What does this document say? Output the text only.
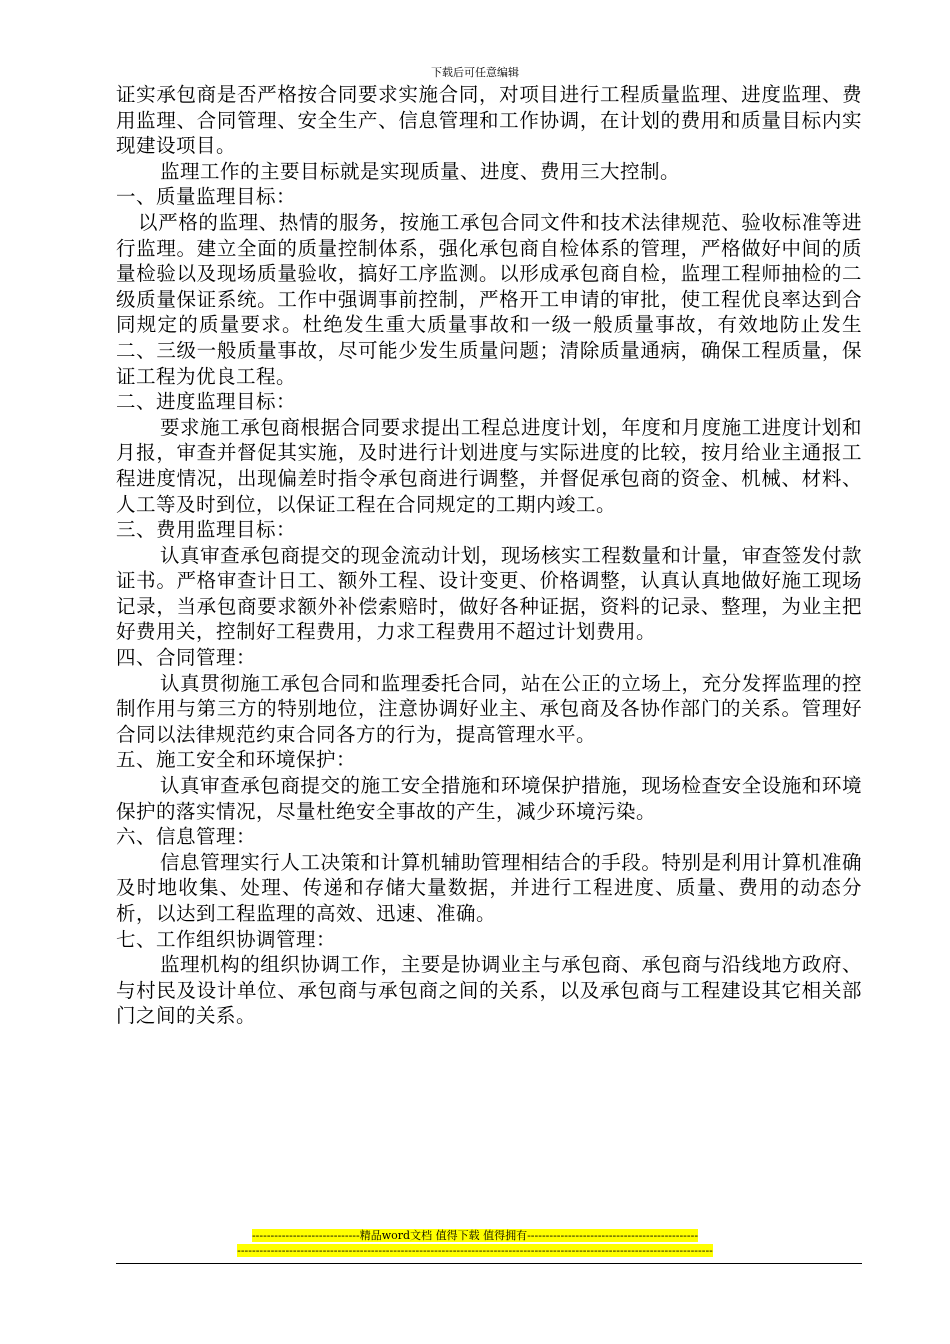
下载后可任意编辑

证实承包商是否严格按合同要求实施合同，对项目进行工程质量监理、进度监理、费用监理、合同管理、安全生产、信息管理和工作协调，在计划的费用和质量目标内实现建设项目。

监理工作的主要目标就是实现质量、进度、费用三大控制。

一、质量监理目标：

以严格的监理、热情的服务，按施工承包合同文件和技术法律规范、验收标准等进行监理。建立全面的质量控制体系，强化承包商自检体系的管理，严格做好中间的质量检验以及现场质量验收，搞好工序监测。以形成承包商自检，监理工程师抽检的二级质量保证系统。工作中强调事前控制，严格开工申请的审批，使工程优良率达到合同规定的质量要求。杜绝发生重大质量事故和一级一般质量事故，有效地防止发生二、三级一般质量事故，尽可能少发生质量问题；清除质量通病，确保工程质量，保证工程为优良工程。

二、进度监理目标：

要求施工承包商根据合同要求提出工程总进度计划，年度和月度施工进度计划和月报，审查并督促其实施，及时进行计划进度与实际进度的比较，按月给业主通报工程进度情况，出现偏差时指令承包商进行调整，并督促承包商的资金、机械、材料、人工等及时到位，以保证工程在合同规定的工期内竣工。

三、费用监理目标：

认真审查承包商提交的现金流动计划，现场核实工程数量和计量，审查签发付款证书。严格审查计日工、额外工程、设计变更、价格调整，认真认真地做好施工现场记录，当承包商要求额外补偿索赔时，做好各种证据，资料的记录、整理，为业主把好费用关，控制好工程费用，力求工程费用不超过计划费用。

四、合同管理：

认真贯彻施工承包合同和监理委托合同，站在公正的立场上，充分发挥监理的控制作用与第三方的特别地位，注意协调好业主、承包商及各协作部门的关系。管理好合同以法律规范约束合同各方的行为，提高管理水平。

五、施工安全和环境保护：

认真审查承包商提交的施工安全措施和环境保护措施，现场检查安全设施和环境保护的落实情况，尽量杜绝安全事故的产生，减少环境污染。

六、信息管理：

信息管理实行人工决策和计算机辅助管理相结合的手段。特别是利用计算机准确及时地收集、处理、传递和存储大量数据，并进行工程进度、质量、费用的动态分析，以达到工程监理的高效、迅速、准确。

七、工作组织协调管理：

监理机构的组织协调工作，主要是协调业主与承包商、承包商与沿线地方政府、与村民及设计单位、承包商与承包商之间的关系，以及承包商与工程建设其它相关部门之间的关系。

-----------------------------精品word文档 值得下载 值得拥有----------------------------------------------
--------------------------------------------------------------------------------------------------------------------------------
